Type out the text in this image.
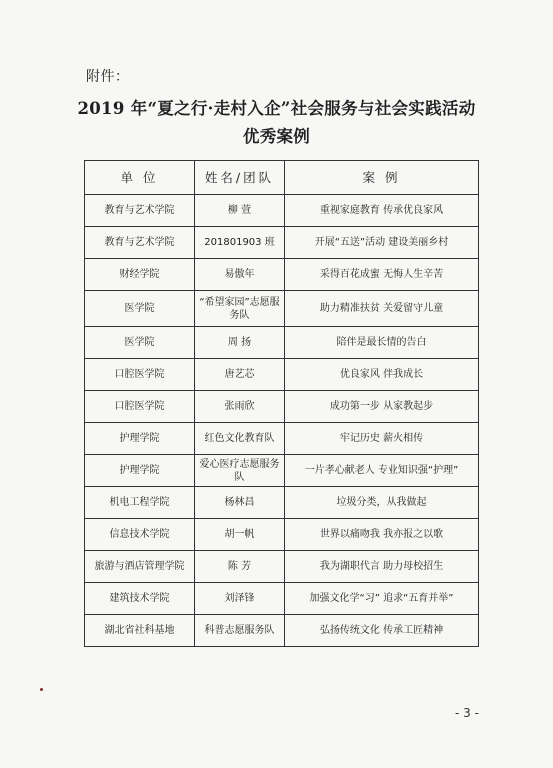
附件：
2019 年“夏之行·走村入企”社会服务与社会实践活动
优秀案例
单 位	姓名/团队	案 例
教育与艺术学院	柳 萱	重视家庭教育 传承优良家风
教育与艺术学院	201801903 班	开展“五送”活动 建设美丽乡村
财经学院	易傲年	采得百花成蜜 无悔人生辛苦
医学院	“希望家园”志愿服务队	助力精准扶贫 关爱留守儿童
医学院	周 扬	陪伴是最长情的告白
口腔医学院	唐艺芯	优良家风 伴我成长
口腔医学院	张雨欣	成功第一步 从家教起步
护理学院	红色文化教育队	牢记历史 薪火相传
护理学院	爱心医疗志愿服务队	一片孝心献老人 专业知识强“护理”
机电工程学院	杨林昌	垃圾分类，从我做起
信息技术学院	胡一帆	世界以痛吻我 我亦报之以歌
旅游与酒店管理学院	陈 芳	我为湖职代言 助力母校招生
建筑技术学院	刘泽锋	加强文化学“习” 追求“五育并举”
湖北省社科基地	科普志愿服务队	弘扬传统文化 传承工匠精神
- 3 -
